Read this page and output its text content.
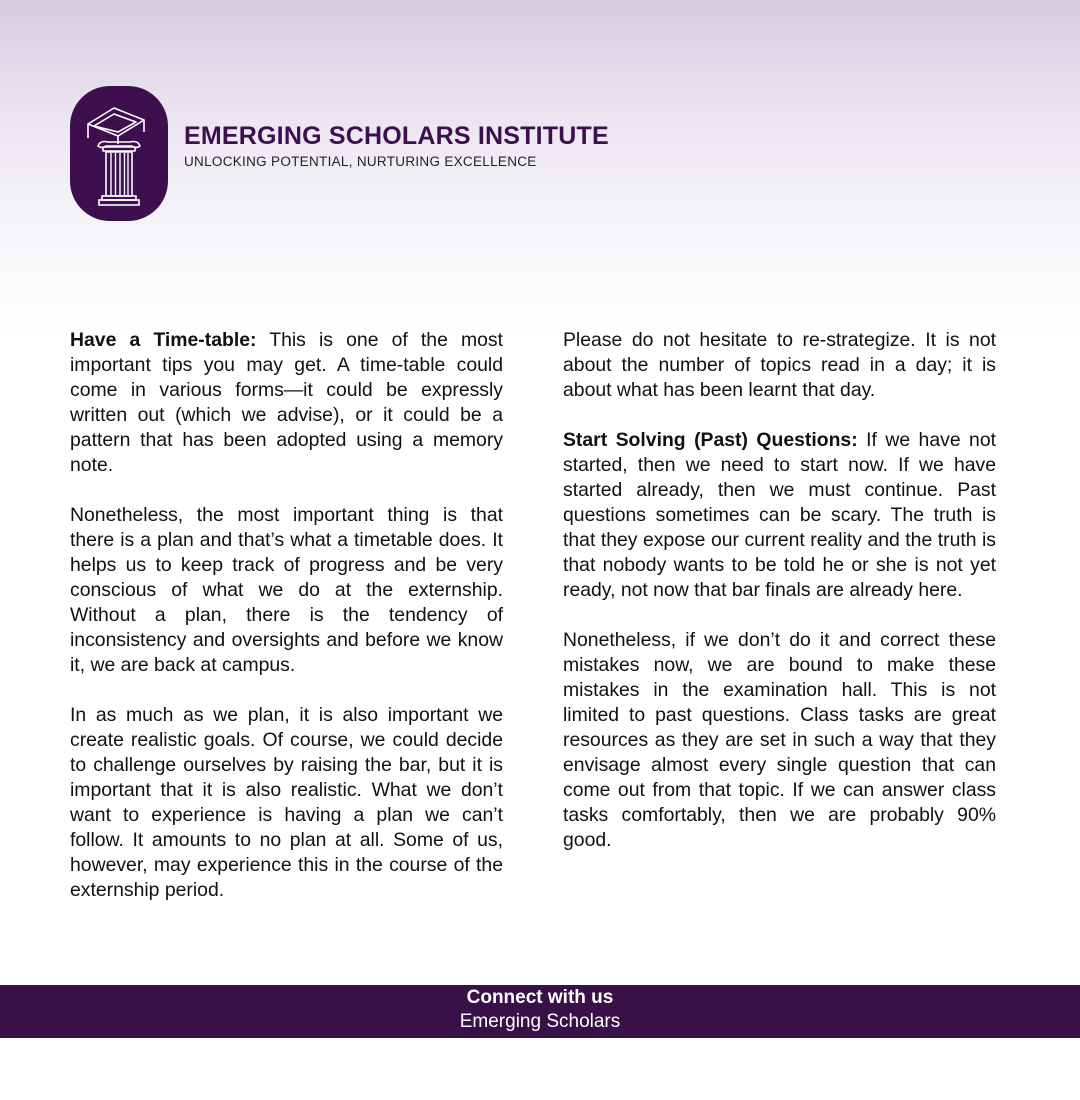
EMERGING SCHOLARS INSTITUTE
UNLOCKING POTENTIAL, NURTURING EXCELLENCE

Have a Time-table: This is one of the most important tips you may get. A time-table could come in various forms—it could be expressly written out (which we advise), or it could be a pattern that has been adopted using a memory note.

Nonetheless, the most important thing is that there is a plan and that’s what a timetable does. It helps us to keep track of progress and be very conscious of what we do at the externship. Without a plan, there is the tendency of inconsistency and oversights and before we know it, we are back at campus.

In as much as we plan, it is also important we create realistic goals. Of course, we could decide to challenge ourselves by raising the bar, but it is important that it is also realistic. What we don’t want to experience is having a plan we can’t follow. It amounts to no plan at all. Some of us, however, may experience this in the course of the externship period.

Please do not hesitate to re-strategize. It is not about the number of topics read in a day; it is about what has been learnt that day.

Start Solving (Past) Questions: If we have not started, then we need to start now. If we have started already, then we must continue. Past questions sometimes can be scary. The truth is that they expose our current reality and the truth is that nobody wants to be told he or she is not yet ready, not now that bar finals are already here.

Nonetheless, if we don’t do it and correct these mistakes now, we are bound to make these mistakes in the examination hall. This is not limited to past questions. Class tasks are great resources as they are set in such a way that they envisage almost every single question that can come out from that topic. If we can answer class tasks comfortably, then we are probably 90% good.

Connect with us
Emerging Scholars
